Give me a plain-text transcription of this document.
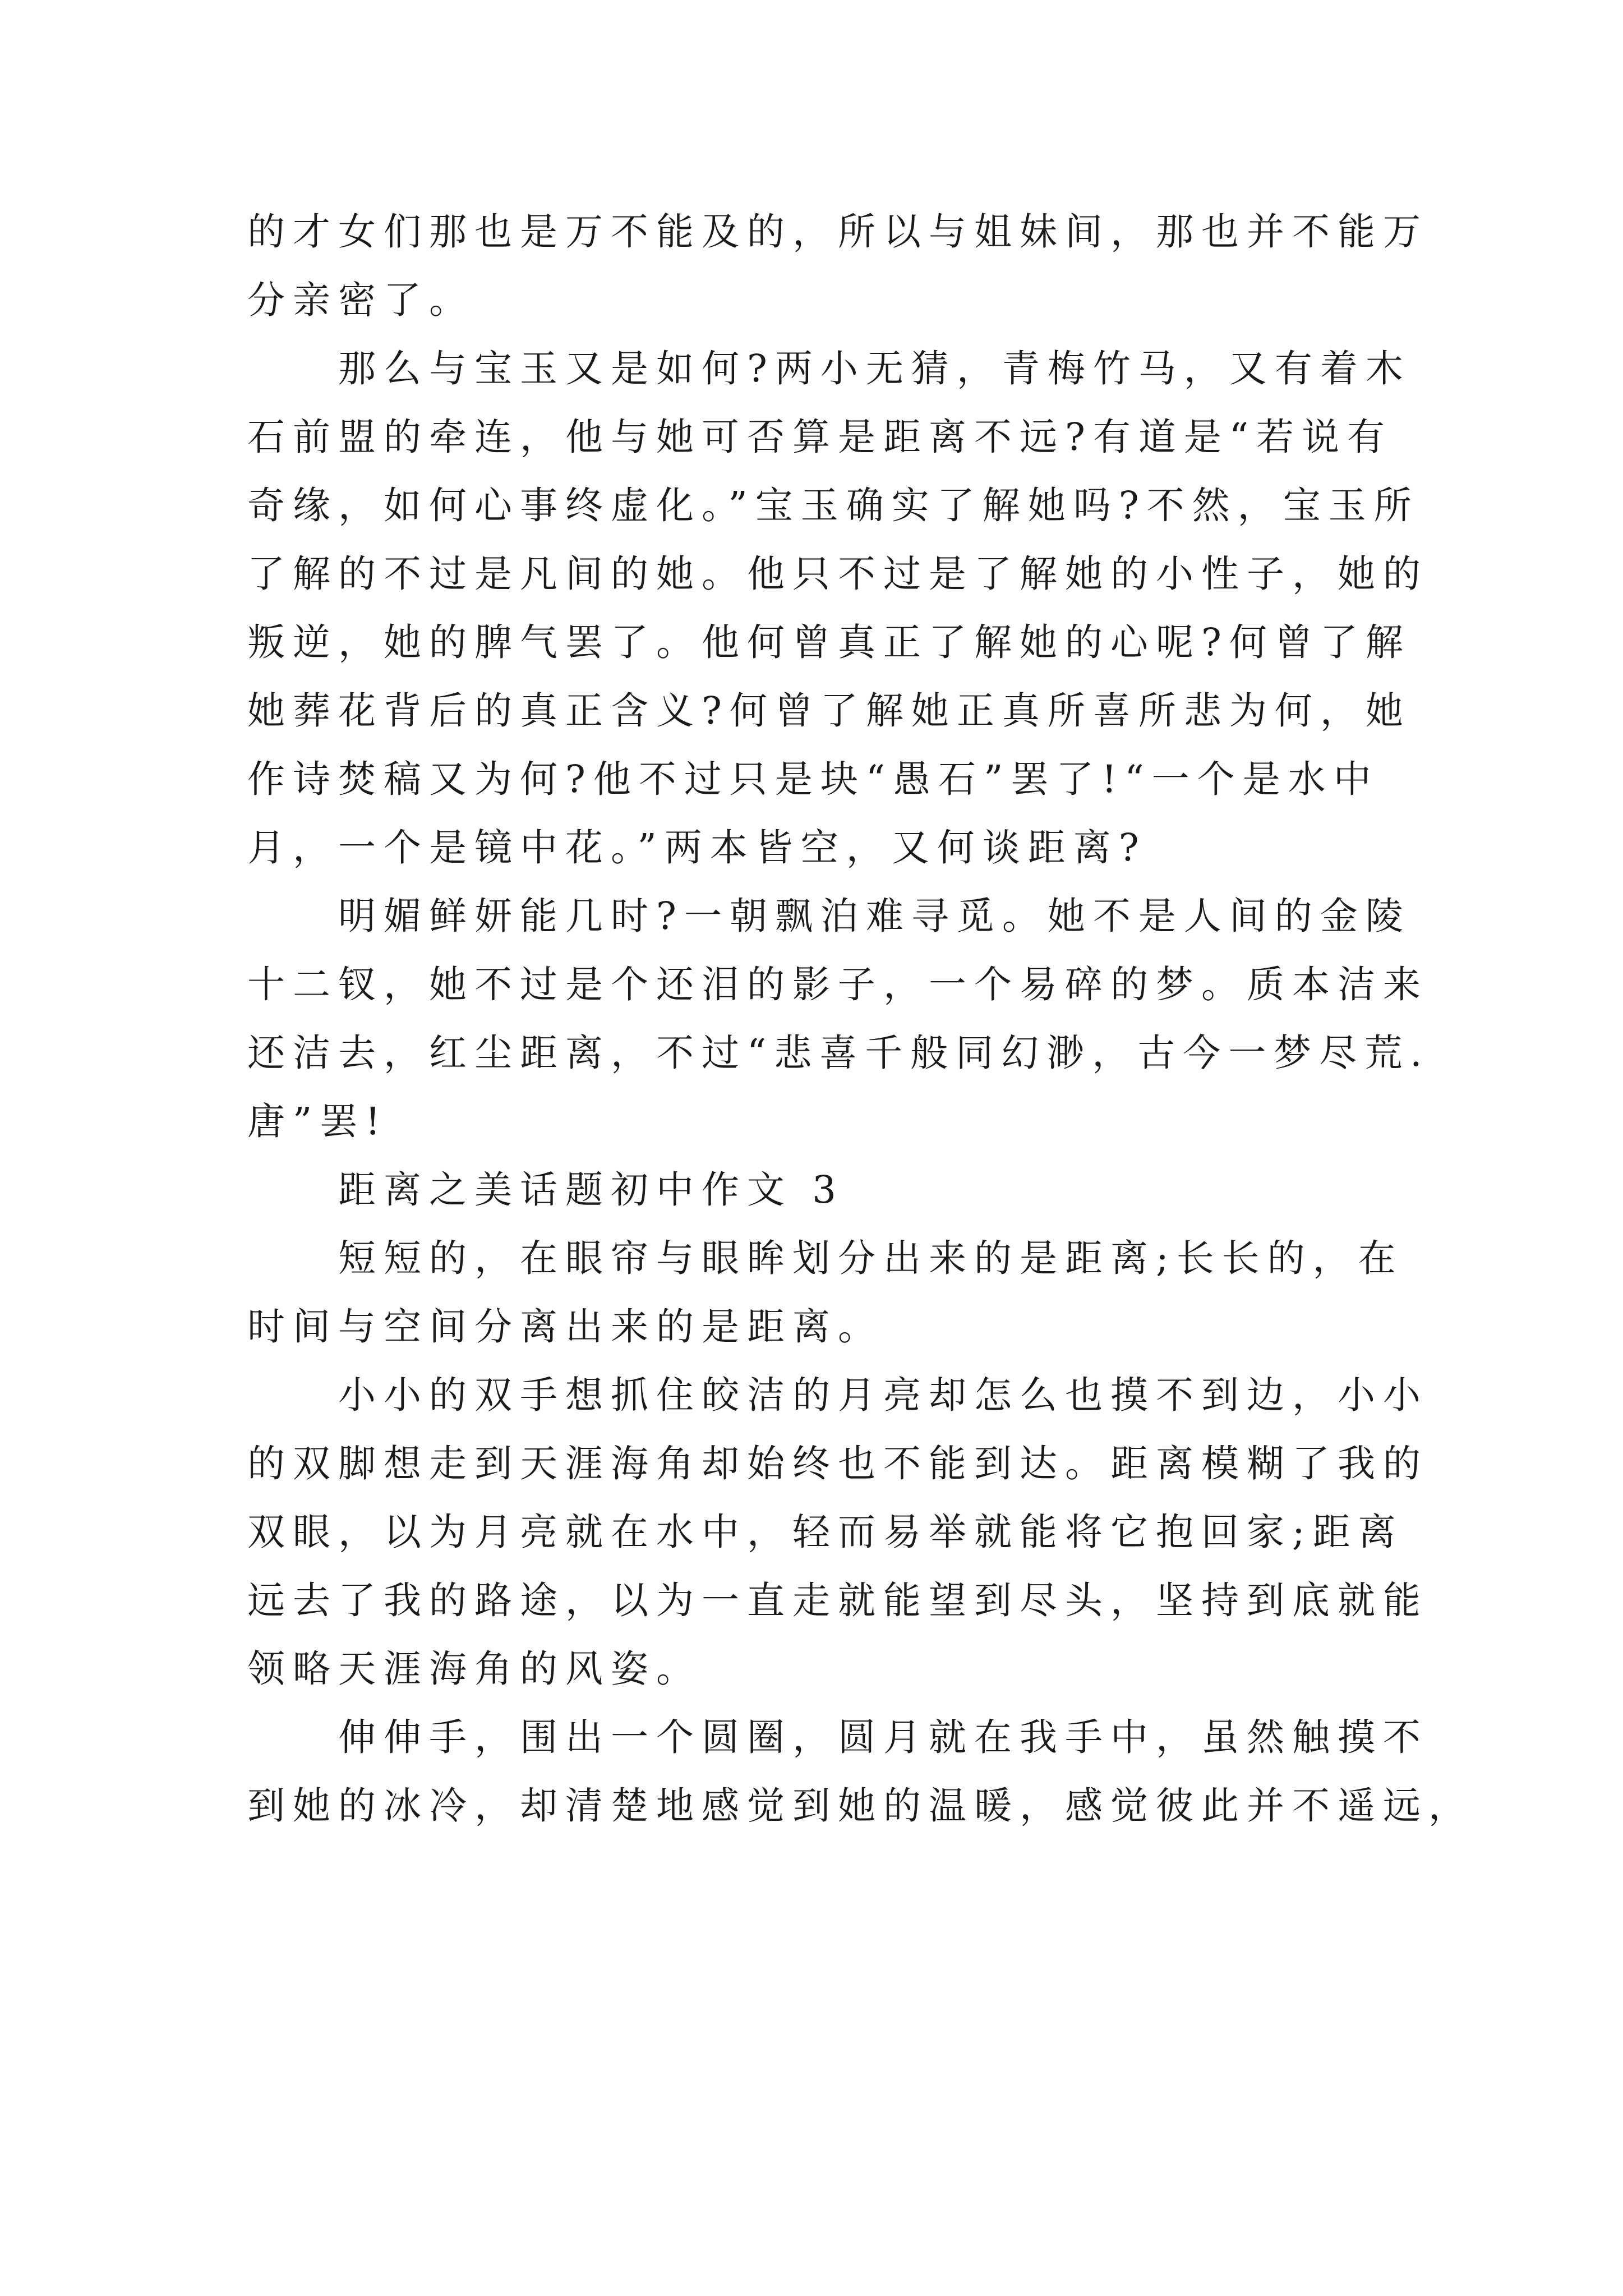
的才女们那也是万不能及的，所以与姐妹间，那也并不能万
分亲密了。
那么与宝玉又是如何?两小无猜，青梅竹马，又有着木
石前盟的牵连，他与她可否算是距离不远?有道是“若说有
奇缘，如何心事终虚化。”宝玉确实了解她吗?不然，宝玉所
了解的不过是凡间的她。他只不过是了解她的小性子，她的
叛逆，她的脾气罢了。他何曾真正了解她的心呢?何曾了解
她葬花背后的真正含义?何曾了解她正真所喜所悲为何，她
作诗焚稿又为何?他不过只是块“愚石”罢了!“一个是水中
月，一个是镜中花。”两本皆空，又何谈距离?
明媚鲜妍能几时?一朝飘泊难寻觅。她不是人间的金陵
十二钗，她不过是个还泪的影子，一个易碎的梦。质本洁来
还洁去，红尘距离，不过“悲喜千般同幻渺，古今一梦尽荒.
唐”罢!
距离之美话题初中作文 3
短短的，在眼帘与眼眸划分出来的是距离;长长的，在
时间与空间分离出来的是距离。
小小的双手想抓住皎洁的月亮却怎么也摸不到边，小小
的双脚想走到天涯海角却始终也不能到达。距离模糊了我的
双眼，以为月亮就在水中，轻而易举就能将它抱回家;距离
远去了我的路途，以为一直走就能望到尽头，坚持到底就能
领略天涯海角的风姿。
伸伸手，围出一个圆圈，圆月就在我手中，虽然触摸不
到她的冰冷，却清楚地感觉到她的温暖，感觉彼此并不遥远，
